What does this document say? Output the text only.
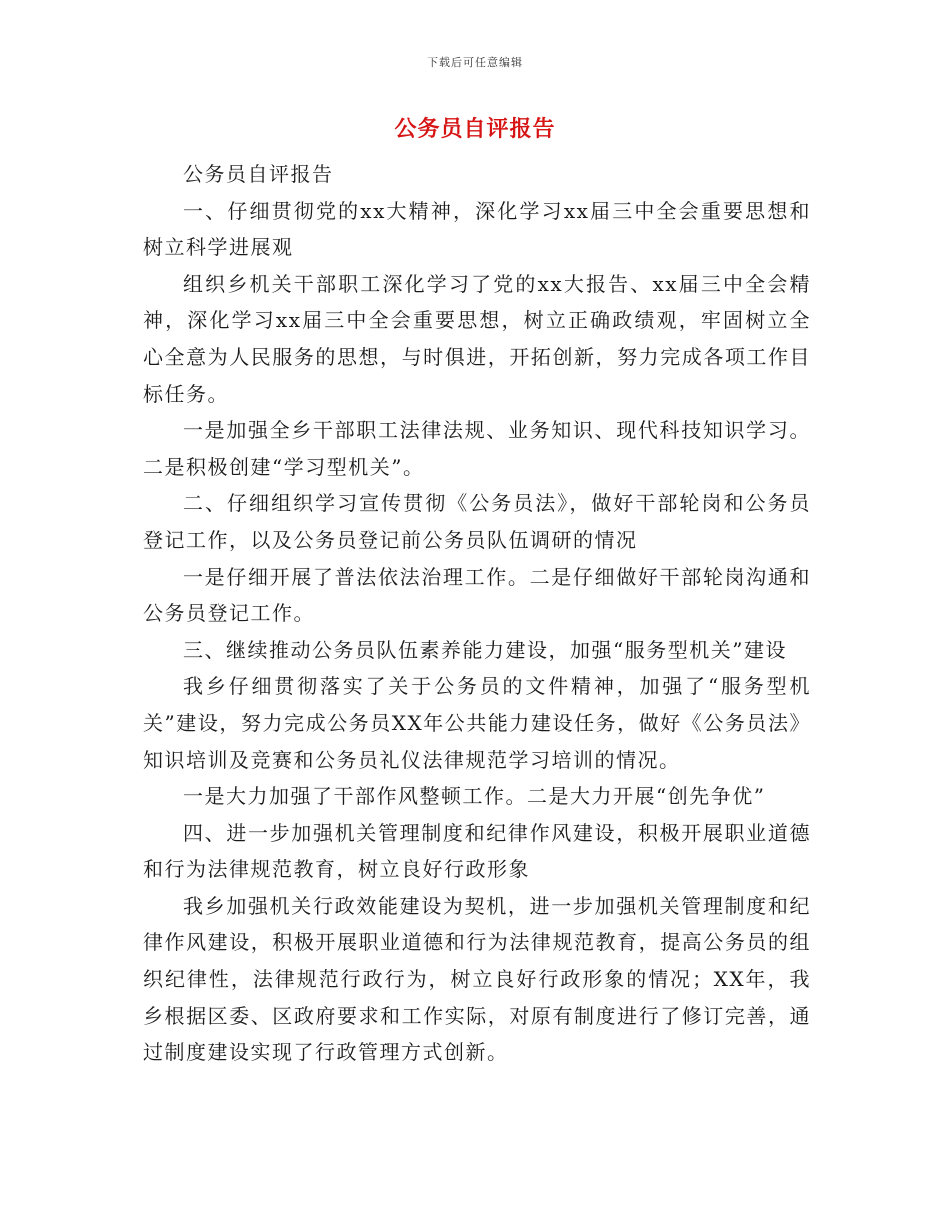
下载后可任意编辑
公务员自评报告

公务员自评报告

一、仔细贯彻党的xx大精神，深化学习xx届三中全会重要思想和树立科学进展观

组织乡机关干部职工深化学习了党的xx大报告、xx届三中全会精神，深化学习xx届三中全会重要思想，树立正确政绩观，牢固树立全心全意为人民服务的思想，与时俱进，开拓创新，努力完成各项工作目标任务。

一是加强全乡干部职工法律法规、业务知识、现代科技知识学习。二是积极创建“学习型机关”。

二、仔细组织学习宣传贯彻《公务员法》，做好干部轮岗和公务员登记工作，以及公务员登记前公务员队伍调研的情况

一是仔细开展了普法依法治理工作。二是仔细做好干部轮岗沟通和公务员登记工作。

三、继续推动公务员队伍素养能力建设，加强“服务型机关”建设

我乡仔细贯彻落实了关于公务员的文件精神，加强了“服务型机关”建设，努力完成公务员XX年公共能力建设任务，做好《公务员法》知识培训及竞赛和公务员礼仪法律规范学习培训的情况。

一是大力加强了干部作风整顿工作。二是大力开展“创先争优”

四、进一步加强机关管理制度和纪律作风建设，积极开展职业道德和行为法律规范教育，树立良好行政形象

我乡加强机关行政效能建设为契机，进一步加强机关管理制度和纪律作风建设，积极开展职业道德和行为法律规范教育，提高公务员的组织纪律性，法律规范行政行为，树立良好行政形象的情况；XX年，我乡根据区委、区政府要求和工作实际，对原有制度进行了修订完善，通过制度建设实现了行政管理方式创新。
